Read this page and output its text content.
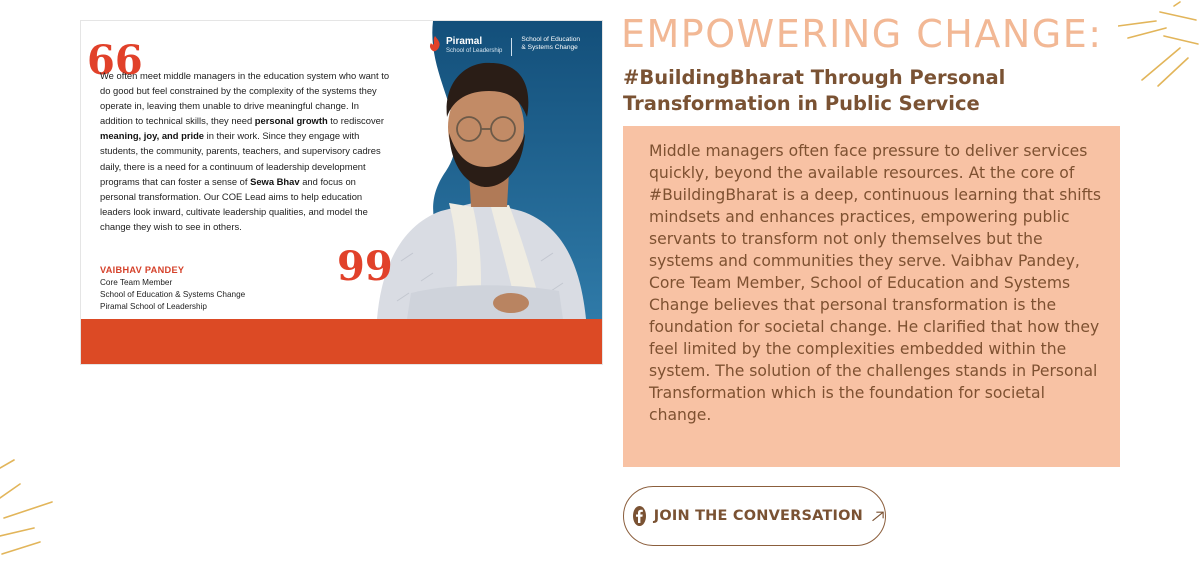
Piramal
School of Leadership
School of Education
& Systems Change
66
We often meet middle managers in the education system who want to do good but feel constrained by the complexity of the systems they operate in, leaving them unable to drive meaningful change. In addition to technical skills, they need personal growth to rediscover meaning, joy, and pride in their work. Since they engage with students, the community, parents, teachers, and supervisory cadres daily, there is a need for a continuum of leadership development programs that can foster a sense of Sewa Bhav and focus on personal transformation. Our COE Lead aims to help education leaders look inward, cultivate leadership qualities, and model the change they wish to see in others.
99
VAIBHAV PANDEY
Core Team Member
School of Education & Systems Change
Piramal School of Leadership
EMPOWERING CHANGE:
#BuildingBharat Through Personal Transformation in Public Service

Middle managers often face pressure to deliver services quickly, beyond the available resources. At the core of #BuildingBharat is a deep, continuous learning that shifts mindsets and enhances practices, empowering public servants to transform not only themselves but the systems and communities they serve. Vaibhav Pandey, Core Team Member, School of Education and Systems Change believes that personal transformation is the foundation for societal change. He clarified that how they feel limited by the complexities embedded within the system. The solution of the challenges stands in Personal Transformation which is the foundation for societal change.

JOIN THE CONVERSATION
